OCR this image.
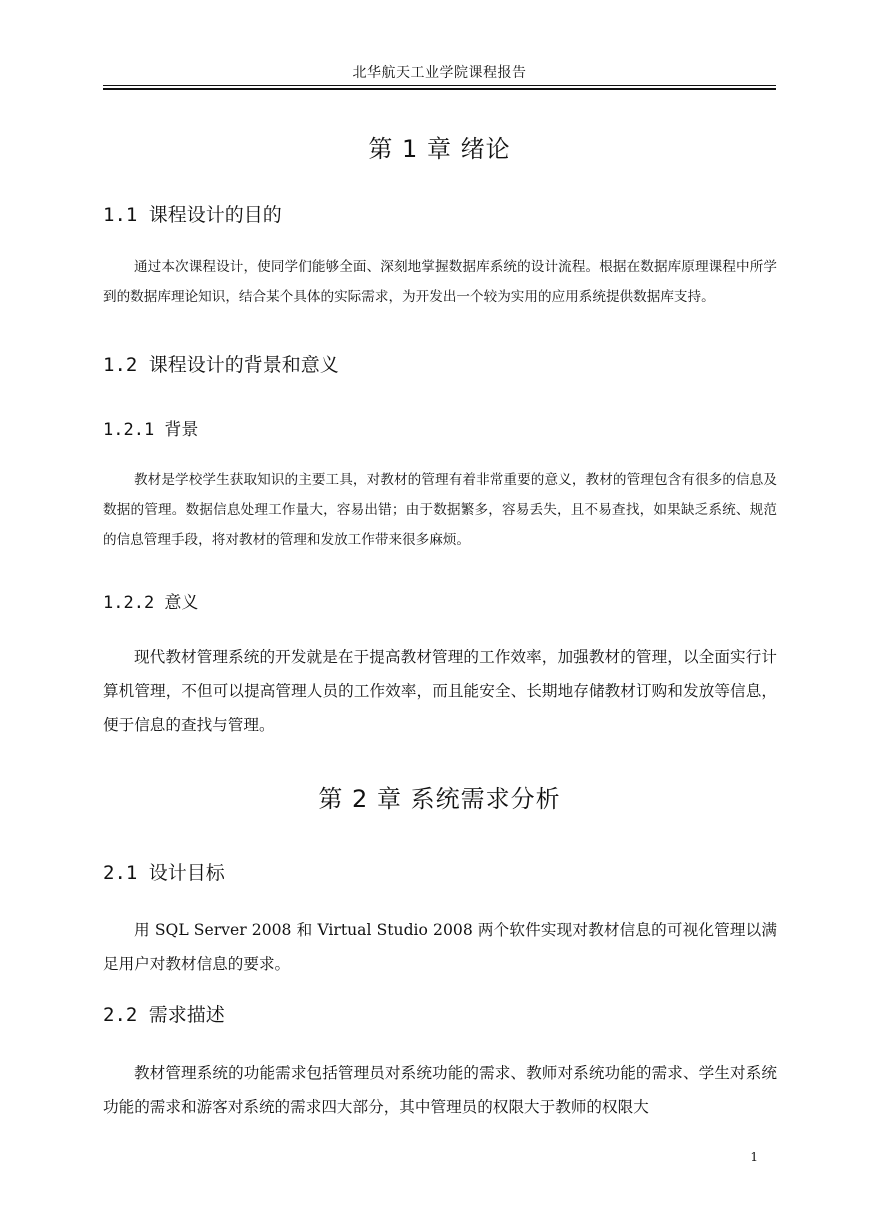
北华航天工业学院课程报告
第 1 章 绪论
1.1 课程设计的目的

通过本次课程设计，使同学们能够全面、深刻地掌握数据库系统的设计流程。根据在数据库原理课程中所学到的数据库理论知识，结合某个具体的实际需求，为开发出一个较为实用的应用系统提供数据库支持。

1.2 课程设计的背景和意义
1.2.1 背景

教材是学校学生获取知识的主要工具，对教材的管理有着非常重要的意义，教材的管理包含有很多的信息及数据的管理。数据信息处理工作量大，容易出错；由于数据繁多，容易丢失，且不易查找，如果缺乏系统、规范的信息管理手段，将对教材的管理和发放工作带来很多麻烦。

1.2.2 意义

现代教材管理系统的开发就是在于提高教材管理的工作效率，加强教材的管理，以全面实行计算机管理，不但可以提高管理人员的工作效率，而且能安全、长期地存储教材订购和发放等信息，便于信息的查找与管理。

第 2 章 系统需求分析
2.1 设计目标

用 SQL Server 2008 和 Virtual Studio 2008 两个软件实现对教材信息的可视化管理以满足用户对教材信息的要求。

2.2 需求描述

教材管理系统的功能需求包括管理员对系统功能的需求、教师对系统功能的需求、学生对系统功能的需求和游客对系统的需求四大部分，其中管理员的权限大于教师的权限大

1
